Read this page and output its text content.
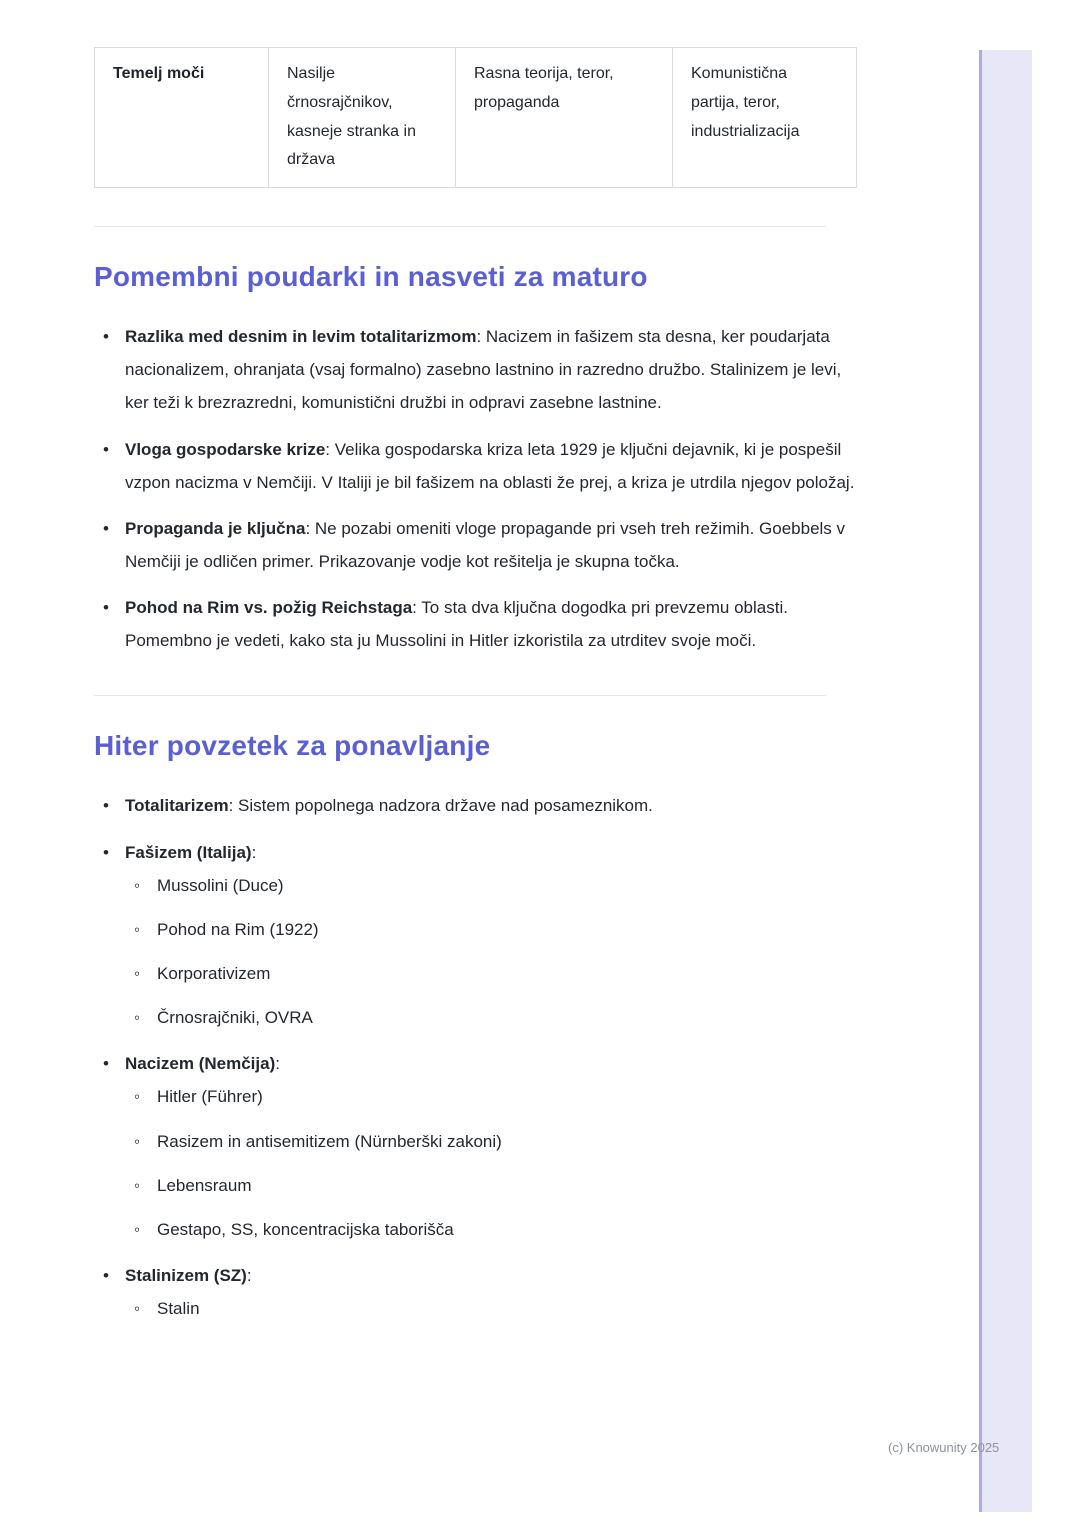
Temelj moči	Nasilje črnosrajčnikov, kasneje stranka in država	Rasna teorija, teror, propaganda	Komunistična partija, teror, industrializacija
Pomembni poudarki in nasveti za maturo
• Razlika med desnim in levim totalitarizmom: Nacizem in fašizem sta desna, ker poudarjata nacionalizem, ohranjata (vsaj formalno) zasebno lastnino in razredno družbo. Stalinizem je levi, ker teži k brezrazredni, komunistični družbi in odpravi zasebne lastnine.
• Vloga gospodarske krize: Velika gospodarska kriza leta 1929 je ključni dejavnik, ki je pospešil vzpon nacizma v Nemčiji. V Italiji je bil fašizem na oblasti že prej, a kriza je utrdila njegov položaj.
• Propaganda je ključna: Ne pozabi omeniti vloge propagande pri vseh treh režimih. Goebbels v Nemčiji je odličen primer. Prikazovanje vodje kot rešitelja je skupna točka.
• Pohod na Rim vs. požig Reichstaga: To sta dva ključna dogodka pri prevzemu oblasti. Pomembno je vedeti, kako sta ju Mussolini in Hitler izkoristila za utrditev svoje moči.
Hiter povzetek za ponavljanje
• Totalitarizem: Sistem popolnega nadzora države nad posameznikom.
• Fašizem (Italija):
◦ Mussolini (Duce)
◦ Pohod na Rim (1922)
◦ Korporativizem
◦ Črnosrajčniki, OVRA
• Nacizem (Nemčija):
◦ Hitler (Führer)
◦ Rasizem in antisemitizem (Nürnberški zakoni)
◦ Lebensraum
◦ Gestapo, SS, koncentracijska taborišča
• Stalinizem (SZ):
◦ Stalin
(c) Knowunity 2025
